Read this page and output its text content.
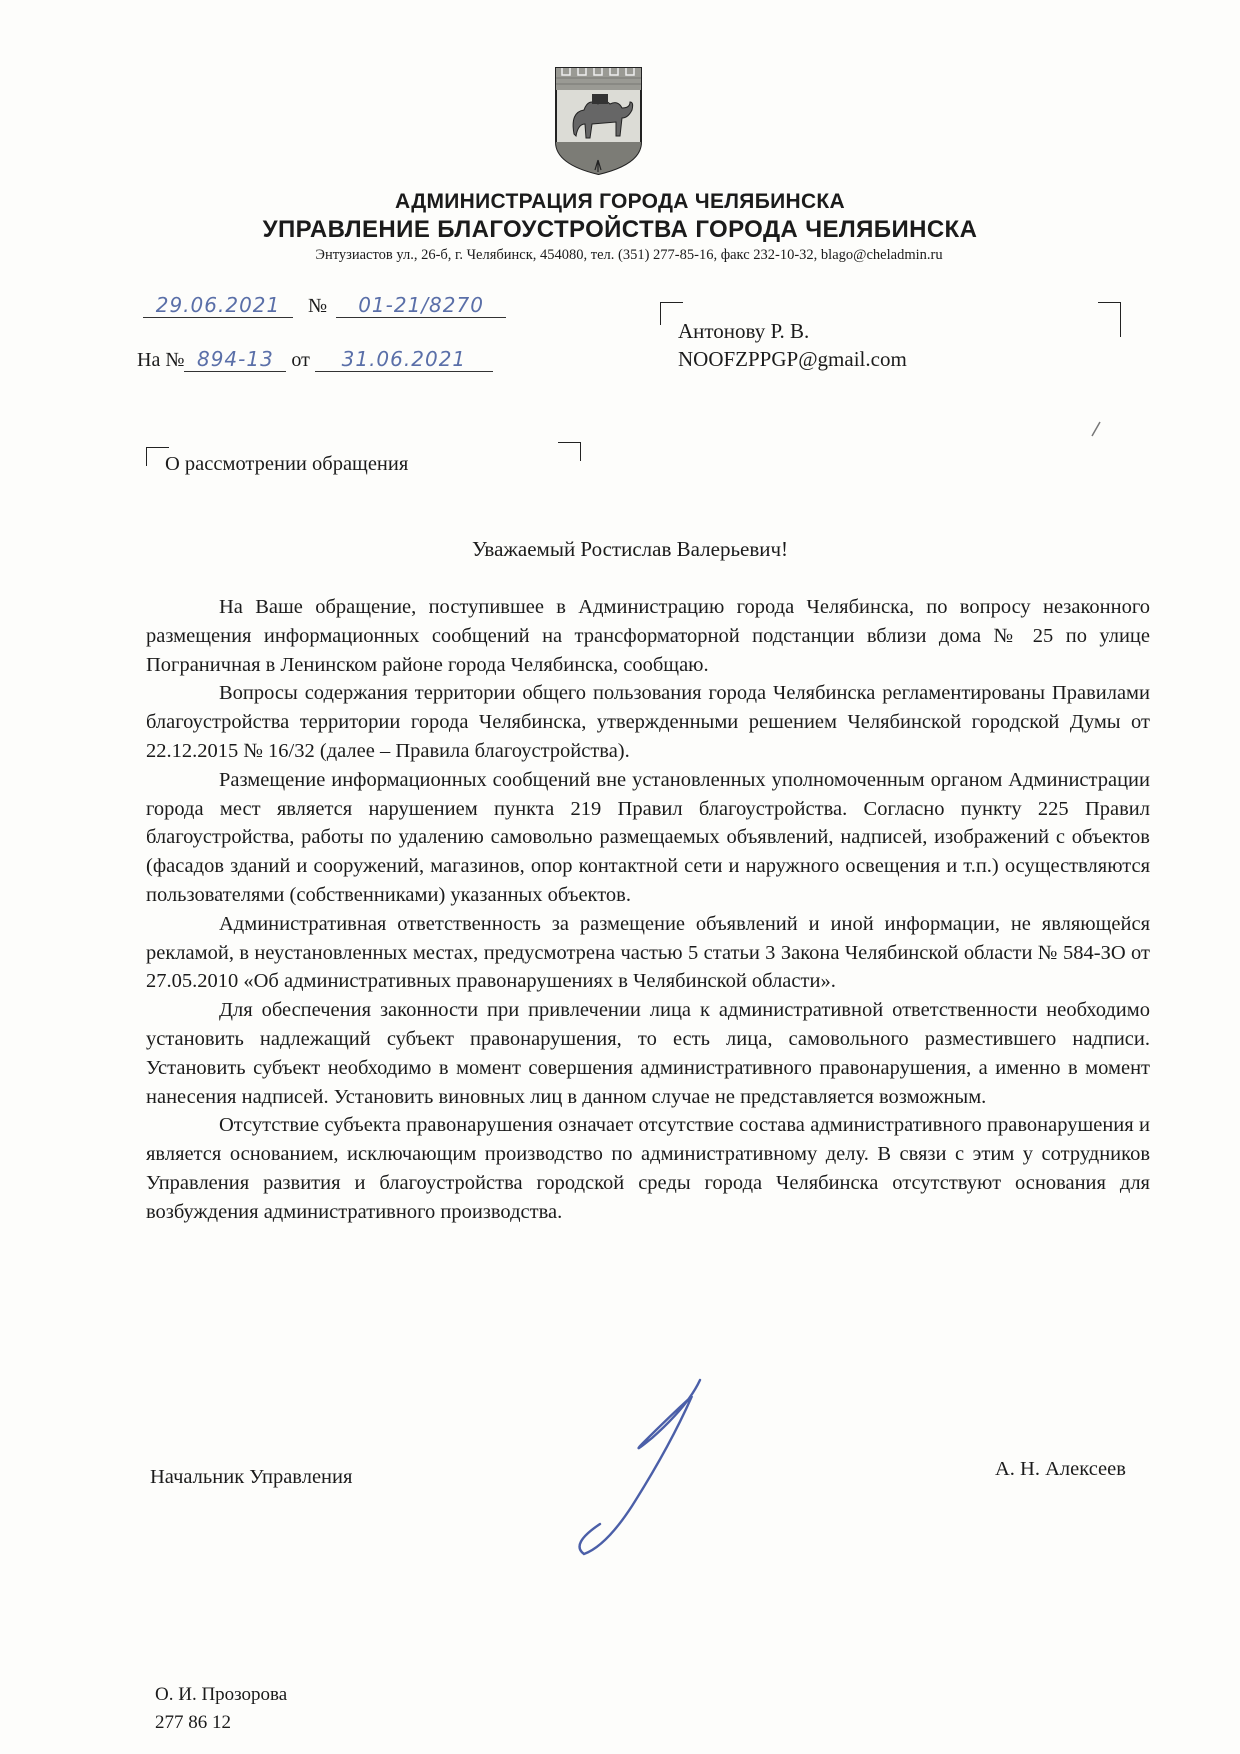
АДМИНИСТРАЦИЯ ГОРОДА ЧЕЛЯБИНСКА
УПРАВЛЕНИЕ БЛАГОУСТРОЙСТВА ГОРОДА ЧЕЛЯБИНСКА
Энтузиастов ул., 26-б, г. Челябинск, 454080, тел. (351) 277-85-16, факс 232-10-32, blago@cheladmin.ru
29.06.2021 № 01-21/8270
На № 894-13 от 31.06.2021
Антонову Р. В.
NOOFZPPGP@gmail.com
О рассмотрении обращения
Уважаемый Ростислав Валерьевич!

На Ваше обращение, поступившее в Администрацию города Челябинска, по вопросу незаконного размещения информационных сообщений на трансформаторной подстанции вблизи дома № 25 по улице Пограничная в Ленинском районе города Челябинска, сообщаю.

Вопросы содержания территории общего пользования города Челябинска регламентированы Правилами благоустройства территории города Челябинска, утвержденными решением Челябинской городской Думы от 22.12.2015 № 16/32 (далее – Правила благоустройства).

Размещение информационных сообщений вне установленных уполномоченным органом Администрации города мест является нарушением пункта 219 Правил благоустройства. Согласно пункту 225 Правил благоустройства, работы по удалению самовольно размещаемых объявлений, надписей, изображений с объектов (фасадов зданий и сооружений, магазинов, опор контактной сети и наружного освещения и т.п.) осуществляются пользователями (собственниками) указанных объектов.

Административная ответственность за размещение объявлений и иной информации, не являющейся рекламой, в неустановленных местах, предусмотрена частью 5 статьи 3 Закона Челябинской области № 584-ЗО от 27.05.2010 «Об административных правонарушениях в Челябинской области».

Для обеспечения законности при привлечении лица к административной ответственности необходимо установить надлежащий субъект правонарушения, то есть лица, самовольного разместившего надписи. Установить субъект необходимо в момент совершения административного правонарушения, а именно в момент нанесения надписей. Установить виновных лиц в данном случае не представляется возможным.

Отсутствие субъекта правонарушения означает отсутствие состава административного правонарушения и является основанием, исключающим производство по административному делу. В связи с этим у сотрудников Управления развития и благоустройства городской среды города Челябинска отсутствуют основания для возбуждения административного производства.

Начальник Управления	А. Н. Алексеев
О. И. Прозорова
277 86 12
